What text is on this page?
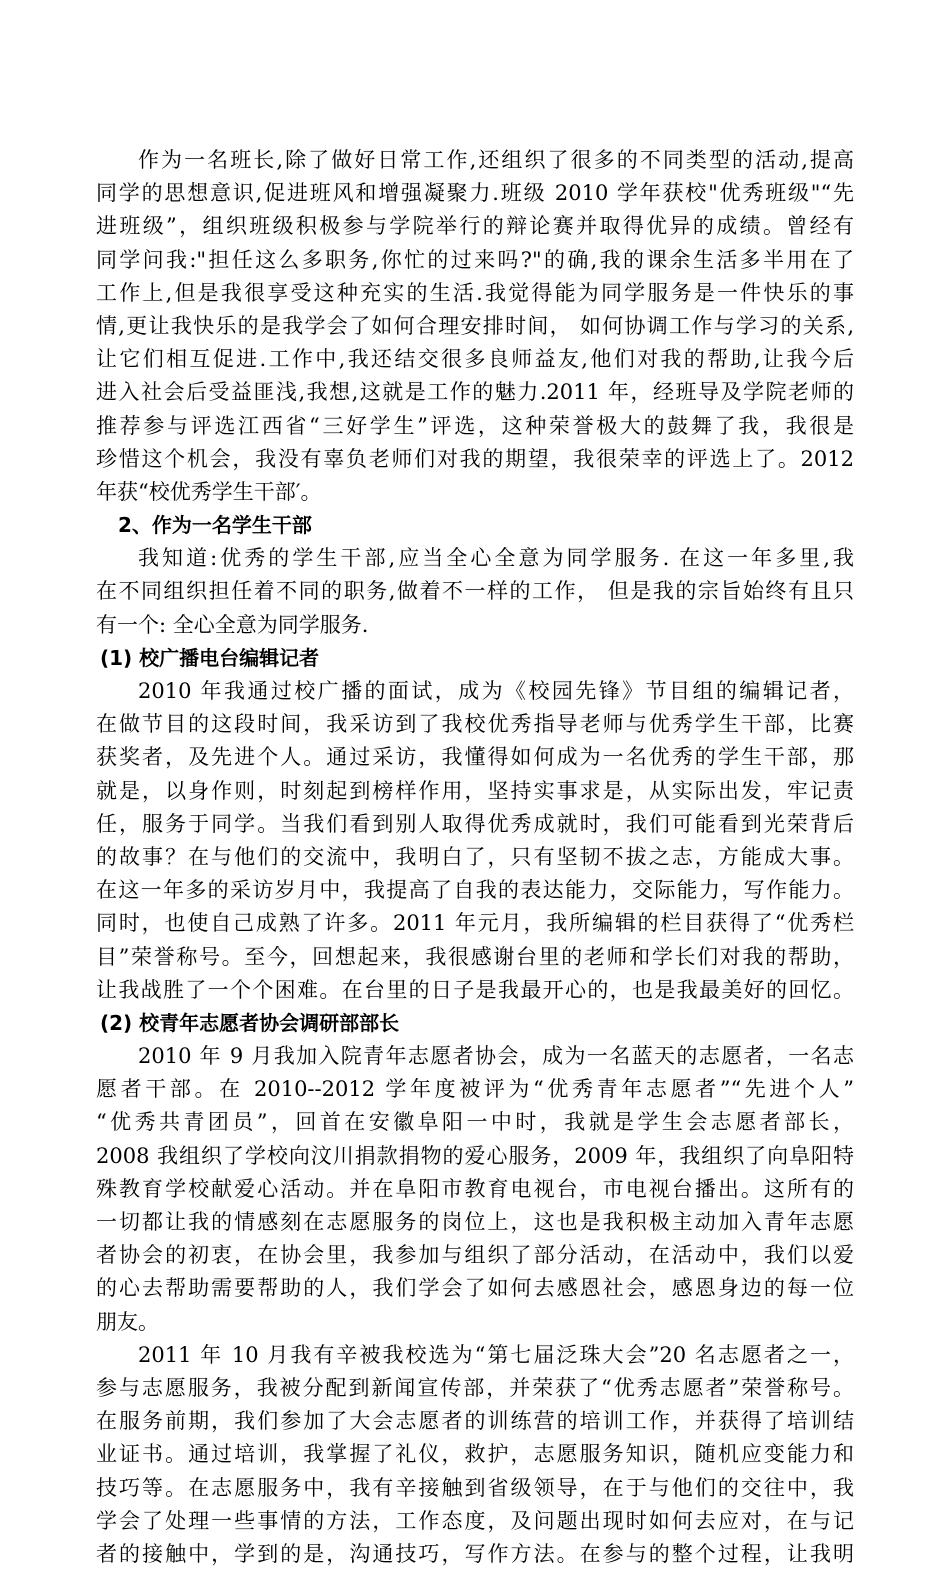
作为一名班长,除了做好日常工作,还组织了很多的不同类型的活动,提高
同学的思想意识,促进班风和增强凝聚力.班级 2010 学年获校"优秀班级"“先
进班级”，组织班级积极参与学院举行的辩论赛并取得优异的成绩。曾经有
同学问我:"担任这么多职务,你忙的过来吗?"的确,我的课余生活多半用在了
工作上,但是我很享受这种充实的生活.我觉得能为同学服务是一件快乐的事
情,更让我快乐的是我学会了如何合理安排时间， 如何协调工作与学习的关系,
让它们相互促进.工作中,我还结交很多良师益友,他们对我的帮助,让我今后
进入社会后受益匪浅,我想,这就是工作的魅力.2011 年，经班导及学院老师的
推荐参与评选江西省“三好学生”评选，这种荣誉极大的鼓舞了我，我很是
珍惜这个机会，我没有辜负老师们对我的期望，我很荣幸的评选上了。2012
年获“校优秀学生干部′。
2、作为一名学生干部
我知道:优秀的学生干部,应当全心全意为同学服务. 在这一年多里,我
在不同组织担任着不同的职务,做着不一样的工作， 但是我的宗旨始终有且只
有一个: 全心全意为同学服务.
(1) 校广播电台编辑记者
2010 年我通过校广播的面试，成为《校园先锋》节目组的编辑记者，
在做节目的这段时间，我采访到了我校优秀指导老师与优秀学生干部，比赛
获奖者，及先进个人。通过采访，我懂得如何成为一名优秀的学生干部，那
就是，以身作则，时刻起到榜样作用，坚持实事求是，从实际出发，牢记责
任，服务于同学。当我们看到别人取得优秀成就时，我们可能看到光荣背后
的故事？在与他们的交流中，我明白了，只有坚韧不拔之志，方能成大事。
在这一年多的采访岁月中，我提高了自我的表达能力，交际能力，写作能力。
同时，也使自己成熟了许多。2011 年元月，我所编辑的栏目获得了“优秀栏
目”荣誉称号。至今，回想起来，我很感谢台里的老师和学长们对我的帮助，
让我战胜了一个个困难。在台里的日子是我最开心的，也是我最美好的回忆。
(2) 校青年志愿者协会调研部部长
2010 年 9 月我加入院青年志愿者协会，成为一名蓝天的志愿者，一名志
愿者干部。在 2010--2012 学年度被评为“优秀青年志愿者”“先进个人”
“优秀共青团员”，回首在安徽阜阳一中时，我就是学生会志愿者部长，
2008 我组织了学校向汶川捐款捐物的爱心服务，2009 年，我组织了向阜阳特
殊教育学校献爱心活动。并在阜阳市教育电视台，市电视台播出。这所有的
一切都让我的情感刻在志愿服务的岗位上，这也是我积极主动加入青年志愿
者协会的初衷，在协会里，我参加与组织了部分活动，在活动中，我们以爱
的心去帮助需要帮助的人，我们学会了如何去感恩社会，感恩身边的每一位
朋友。
2011 年 10 月我有辛被我校选为“第七届泛珠大会”20 名志愿者之一，
参与志愿服务，我被分配到新闻宣传部，并荣获了“优秀志愿者”荣誉称号。
在服务前期，我们参加了大会志愿者的训练营的培训工作，并获得了培训结
业证书。通过培训，我掌握了礼仪，救护，志愿服务知识，随机应变能力和
技巧等。在志愿服务中，我有辛接触到省级领导，在于与他们的交往中，我
学会了处理一些事情的方法，工作态度，及问题出现时如何去应对，在与记
者的接触中，学到的是，沟通技巧，写作方法。在参与的整个过程，让我明
